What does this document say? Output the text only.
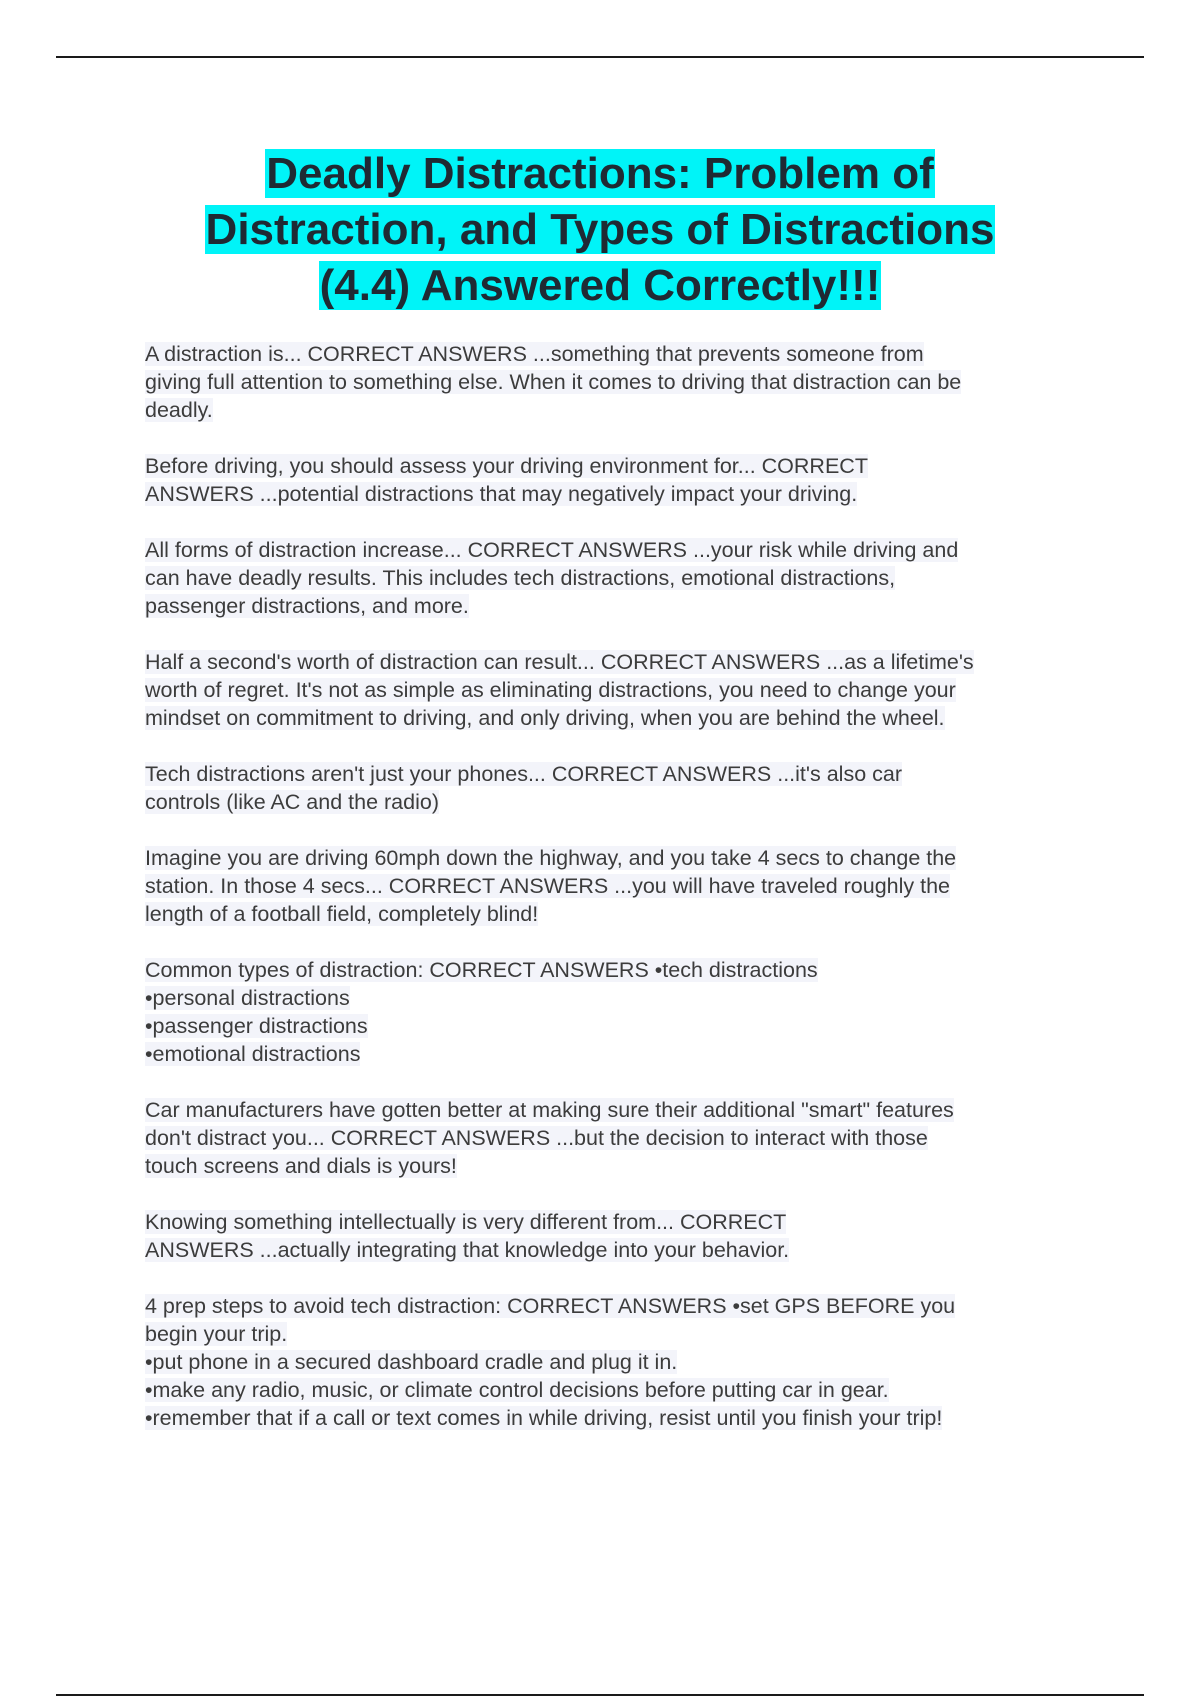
Deadly Distractions: Problem of
Distraction, and Types of Distractions
(4.4) Answered Correctly!!!
A distraction is... CORRECT ANSWERS ...something that prevents someone from
giving full attention to something else. When it comes to driving that distraction can be
deadly.
Before driving, you should assess your driving environment for... CORRECT
ANSWERS ...potential distractions that may negatively impact your driving.
All forms of distraction increase... CORRECT ANSWERS ...your risk while driving and
can have deadly results. This includes tech distractions, emotional distractions,
passenger distractions, and more.
Half a second's worth of distraction can result... CORRECT ANSWERS ...as a lifetime's
worth of regret. It's not as simple as eliminating distractions, you need to change your
mindset on commitment to driving, and only driving, when you are behind the wheel.
Tech distractions aren't just your phones... CORRECT ANSWERS ...it's also car
controls (like AC and the radio)
Imagine you are driving 60mph down the highway, and you take 4 secs to change the
station. In those 4 secs... CORRECT ANSWERS ...you will have traveled roughly the
length of a football field, completely blind!
Common types of distraction: CORRECT ANSWERS •tech distractions
•personal distractions
•passenger distractions
•emotional distractions
Car manufacturers have gotten better at making sure their additional "smart" features
don't distract you... CORRECT ANSWERS ...but the decision to interact with those
touch screens and dials is yours!
Knowing something intellectually is very different from... CORRECT
ANSWERS ...actually integrating that knowledge into your behavior.
4 prep steps to avoid tech distraction: CORRECT ANSWERS •set GPS BEFORE you
begin your trip.
•put phone in a secured dashboard cradle and plug it in.
•make any radio, music, or climate control decisions before putting car in gear.
•remember that if a call or text comes in while driving, resist until you finish your trip!
